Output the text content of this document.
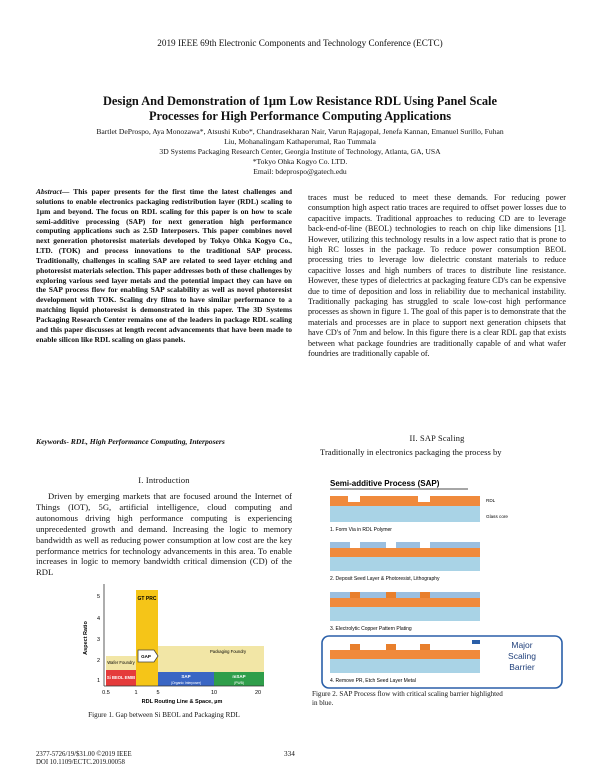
2019 IEEE 69th Electronic Components and Technology Conference (ECTC)
Design And Demonstration of 1µm Low Resistance RDL Using Panel Scale
Processes for High Performance Computing Applications
Bartlet DeProspo, Aya Monozawa*, Atsushi Kubo*, Chandrasekharan Nair, Varun Rajagopal, Jenefa Kannan, Emanuel Surillo, Fuhan
Liu, Mohanalingam Kathaperumal, Rao Tummala
3D Systems Packaging Research Center, Georgia Institute of Technology, Atlanta, GA, USA
*Tokyo Ohka Kogyo Co. LTD.
Email: bdeprospo@gatech.edu
Abstract— This paper presents for the first time the latest challenges and solutions to enable electronics packaging redistribution layer (RDL) scaling to 1µm and beyond. The focus on RDL scaling for this paper is on how to scale semi-additive processing (SAP) for next generation high performance computing applications such as 2.5D Interposers. This paper combines novel next generation photoresist materials developed by Tokyo Ohka Kogyo Co., LTD. (TOK) and process innovations to the traditional SAP process. Traditionally, challenges in scaling SAP are related to seed layer etching and photoresist materials selection. This paper addresses both of these challenges by exploring various seed layer metals and the potential impact they can have on the SAP process flow for enabling SAP scalability as well as novel photoresist development with TOK. Scaling dry films to have similar performance to a matching liquid photoresist is demonstrated in this paper. The 3D Systems Packaging Research Center remains one of the leaders in package RDL scaling and this paper discusses at length recent advancements that have been made to enable silicon like RDL scaling on glass panels.
Keywords- RDL, High Performance Computing, Interposers
I. Introduction

Driven by emerging markets that are focused around the Internet of Things (IOT), 5G, artificial intelligence, cloud computing and autonomous driving high performance computing is experiencing unprecedented growth and demand. Increasing the logic to memory bandwidth as well as reducing power consumption at low cost are the key performance metrics for technology advancements in this area. To enable increases in logic to memory bandwidth critical dimension (CD) of the RDL

1
2
3
4
5
0.5	1	5	10	20
RDL Routing Line & Space, µm
Aspect Ratio
GT PRC
Packaging Foundry
Wafer Foundry
GAP
Si BEOL EMIB	SAP
(Organic Interposer)
mSAP
(PWB)
Figure 1. Gap between Si BEOL and Packaging RDL

traces must be reduced to meet these demands. For reducing power consumption high aspect ratio traces are required to offset power losses due to capacitive impacts. Traditional approaches to reducing CD are to leverage back-end-of-line (BEOL) technologies to reach on chip like dimensions [1]. However, utilizing this technology results in a low aspect ratio that is prone to high RC losses in the package. To reduce power consumption BEOL processing tries to leverage low dielectric constant materials to reduce capacitive losses and high numbers of traces to distribute line resistance. However, these types of dielectrics at packaging feature CD's can be expensive due to time of deposition and loss in reliability due to mechanical instability. Traditionally packaging has struggled to scale low-cost high performance processes as shown in figure 1. The goal of this paper is to demonstrate that the materials and processes are in place to support next generation chipsets that have CD's of 7nm and below. In this figure there is a clear RDL gap that exists between what package foundries are traditionally capable of and what wafer foundries are traditionally capable of.

II. SAP Scaling
Traditionally in electronics packaging the process by
Semi-additive Process (SAP)
RDL
Glass core
1. Form Via in RDL Polymer
2. Deposit Seed Layer & Photoresist, Lithography
3. Electrolytic Copper Pattern Plating
4. Remove PR, Etch Seed Layer Metal
Major
Scaling
Barrier
Figure 2. SAP Process flow with critical scaling barrier highlighted
in blue.
2377-5726/19/$31.00 ©2019 IEEE
DOI 10.1109/ECTC.2019.00058
334
